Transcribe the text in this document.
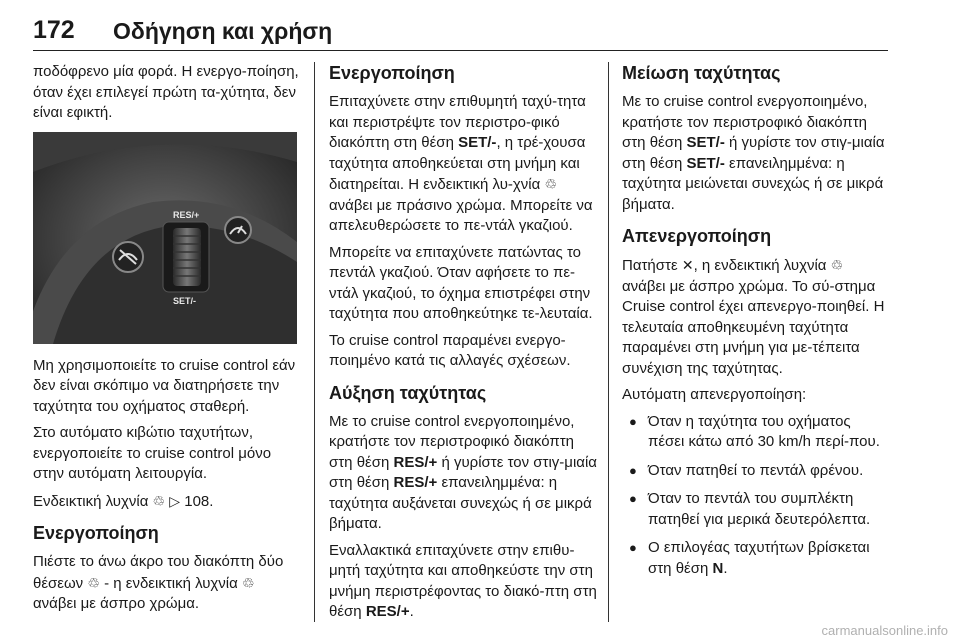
172 Οδήγηση και χρήση

ποδόφρενο μία φορά. Η ενεργο-ποίηση, όταν έχει επιλεγεί πρώτη τα-χύτητα, δεν είναι εφικτή.

RES/+
SET/-

Μη χρησιμοποιείτε το cruise control εάν δεν είναι σκόπιμο να διατηρήσετε την ταχύτητα του οχήματος σταθερή.

Στο αυτόματο κιβώτιο ταχυτήτων, ενεργοποιείτε το cruise control μόνο στην αυτόματη λειτουργία.

Ενδεικτική λυχνία ♲ ▷ 108.

Ενεργοποίηση

Πιέστε το άνω άκρο του διακόπτη δύο θέσεων ♲ - η ενδεικτική λυχνία ♲ ανάβει με άσπρο χρώμα.

Ενεργοποίηση

Επιταχύνετε στην επιθυμητή ταχύ-τητα και περιστρέψτε τον περιστρο-φικό διακόπτη στη θέση SET/-, η τρέ-χουσα ταχύτητα αποθηκεύεται στη μνήμη και διατηρείται. Η ενδεικτική λυ-χνία ♲ ανάβει με πράσινο χρώμα. Μπορείτε να απελευθερώσετε το πε-ντάλ γκαζιού.

Μπορείτε να επιταχύνετε πατώντας το πεντάλ γκαζιού. Όταν αφήσετε το πε-ντάλ γκαζιού, το όχημα επιστρέφει στην ταχύτητα που αποθηκεύτηκε τε-λευταία.

Το cruise control παραμένει ενεργο-ποιημένο κατά τις αλλαγές σχέσεων.

Αύξηση ταχύτητας

Με το cruise control ενεργοποιημένο, κρατήστε τον περιστροφικό διακόπτη στη θέση RES/+ ή γυρίστε τον στιγ-μιαία στη θέση RES/+ επανειλημμένα: η ταχύτητα αυξάνεται συνεχώς ή σε μικρά βήματα.

Εναλλακτικά επιταχύνετε στην επιθυ-μητή ταχύτητα και αποθηκεύστε την στη μνήμη περιστρέφοντας το διακό-πτη στη θέση RES/+.

Μείωση ταχύτητας

Με το cruise control ενεργοποιημένο, κρατήστε τον περιστροφικό διακόπτη στη θέση SET/- ή γυρίστε τον στιγ-μιαία στη θέση SET/- επανειλημμένα: η ταχύτητα μειώνεται συνεχώς ή σε μικρά βήματα.

Απενεργοποίηση

Πατήστε ✕, η ενδεικτική λυχνία ♲ ανάβει με άσπρο χρώμα. Το σύ-στημα Cruise control έχει απενεργο-ποιηθεί. Η τελευταία αποθηκευμένη ταχύτητα παραμένει στη μνήμη για με-τέπειτα συνέχιση της ταχύτητας.

Αυτόματη απενεργοποίηση:

● Όταν η ταχύτητα του οχήματος πέσει κάτω από 30 km/h περί-που.
● Όταν πατηθεί το πεντάλ φρένου.
● Όταν το πεντάλ του συμπλέκτη πατηθεί για μερικά δευτερόλεπτα.
● Ο επιλογέας ταχυτήτων βρίσκεται στη θέση N.
carmanualsonline.info
